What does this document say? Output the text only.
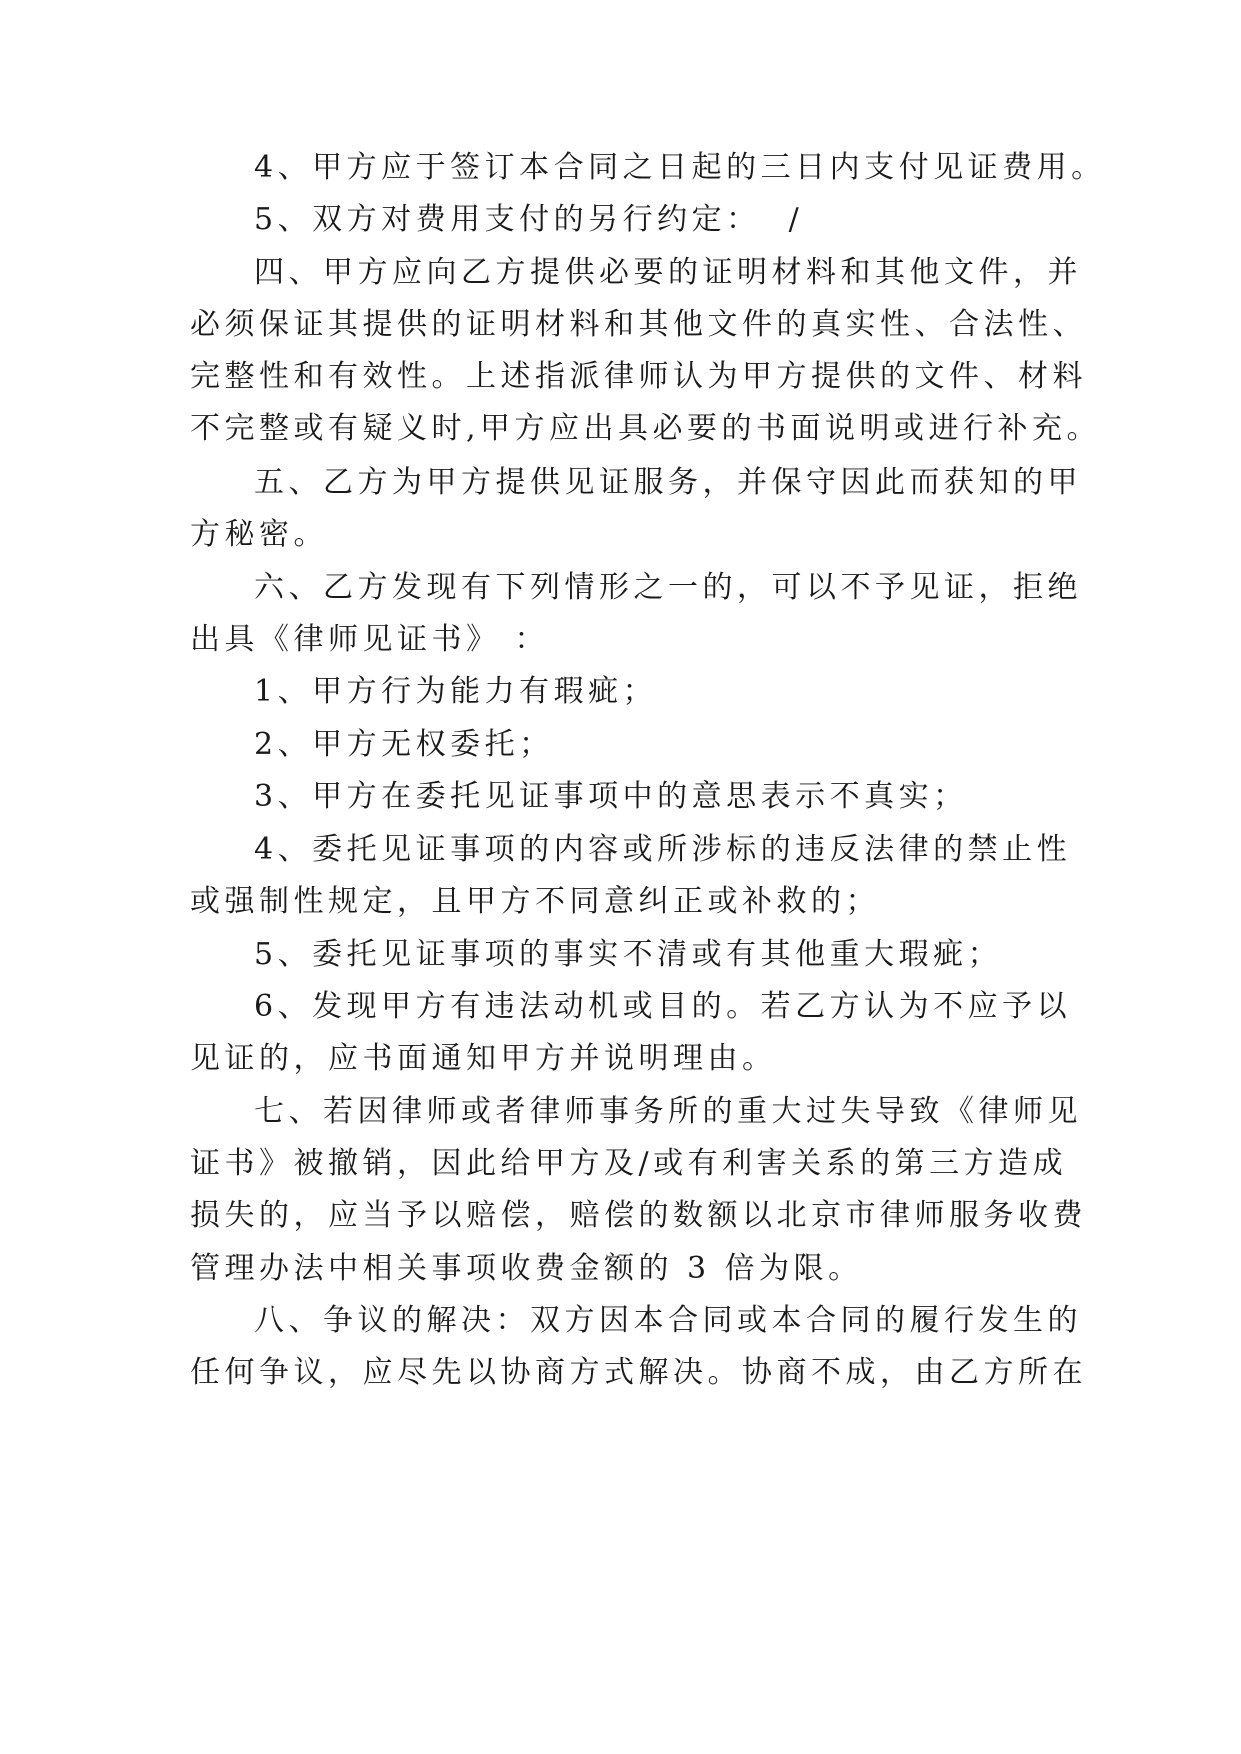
4、甲方应于签订本合同之日起的三日内支付见证费用。
5、双方对费用支付的另行约定：  /
四、甲方应向乙方提供必要的证明材料和其他文件，并
必须保证其提供的证明材料和其他文件的真实性、合法性、
完整性和有效性。上述指派律师认为甲方提供的文件、材料
不完整或有疑义时,甲方应出具必要的书面说明或进行补充。
五、乙方为甲方提供见证服务，并保守因此而获知的甲
方秘密。
六、乙方发现有下列情形之一的，可以不予见证，拒绝
出具《律师见证书》 ：
1、甲方行为能力有瑕疵；
2、甲方无权委托；
3、甲方在委托见证事项中的意思表示不真实；
4、委托见证事项的内容或所涉标的违反法律的禁止性
或强制性规定，且甲方不同意纠正或补救的；
5、委托见证事项的事实不清或有其他重大瑕疵；
6、发现甲方有违法动机或目的。若乙方认为不应予以
见证的，应书面通知甲方并说明理由。
七、若因律师或者律师事务所的重大过失导致《律师见
证书》被撤销，因此给甲方及/或有利害关系的第三方造成
损失的，应当予以赔偿，赔偿的数额以北京市律师服务收费
管理办法中相关事项收费金额的 3 倍为限。
八、争议的解决：双方因本合同或本合同的履行发生的
任何争议，应尽先以协商方式解决。协商不成，由乙方所在
